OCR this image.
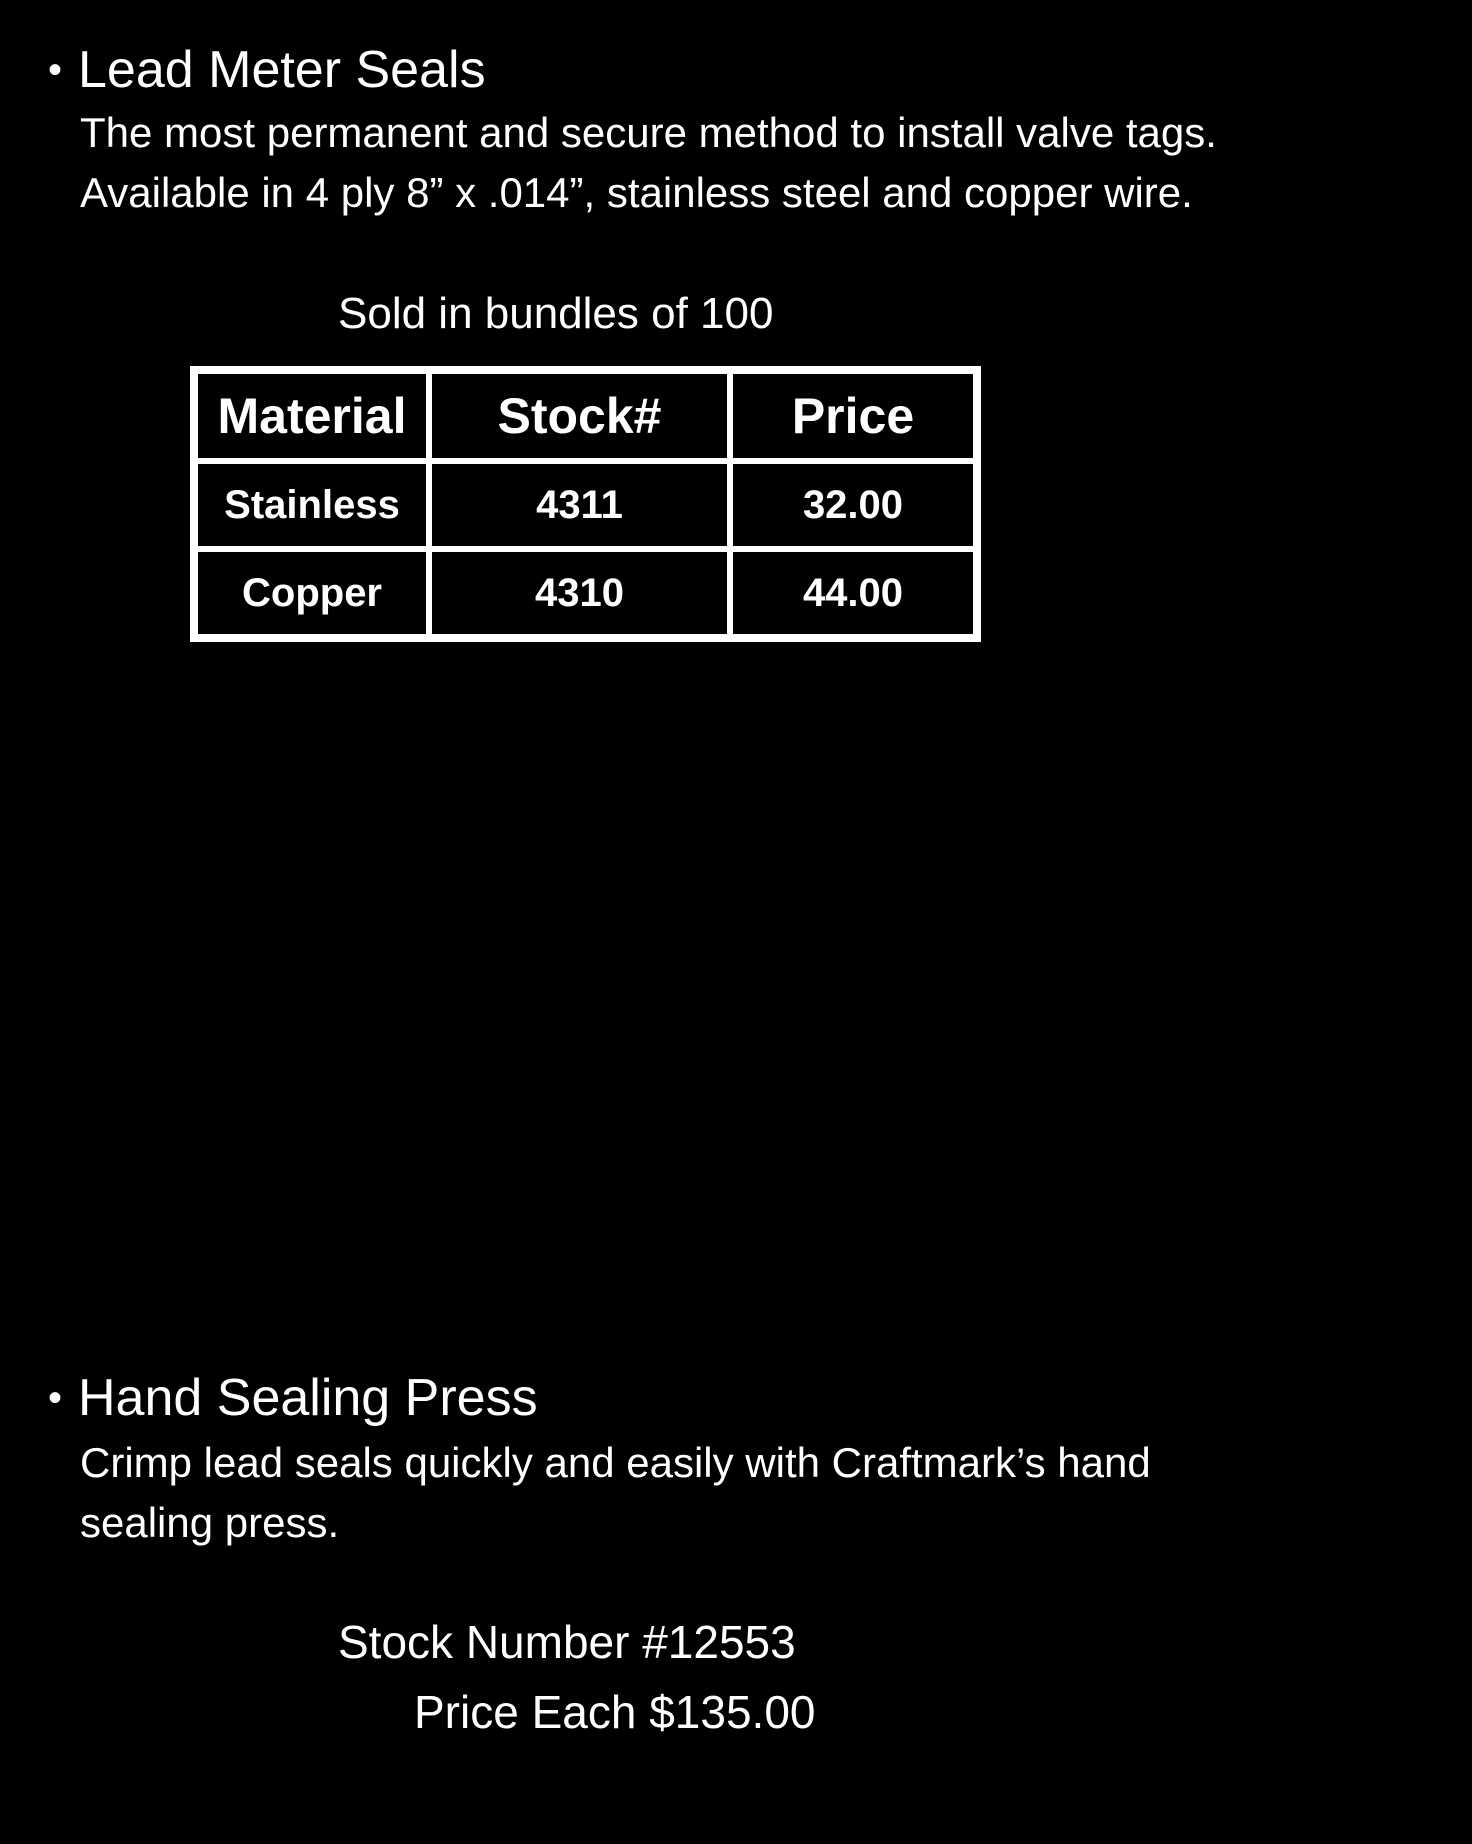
• Lead Meter Seals
The most permanent and secure method to install valve tags.
Available in 4 ply 8” x .014”, stainless steel and copper wire.
Sold in bundles of 100
Material	Stock#	Price
Stainless	4311	32.00
Copper	4310	44.00
• Hand Sealing Press
Crimp lead seals quickly and easily with Craftmark’s hand
sealing press.
Stock Number #12553
Price Each $135.00
